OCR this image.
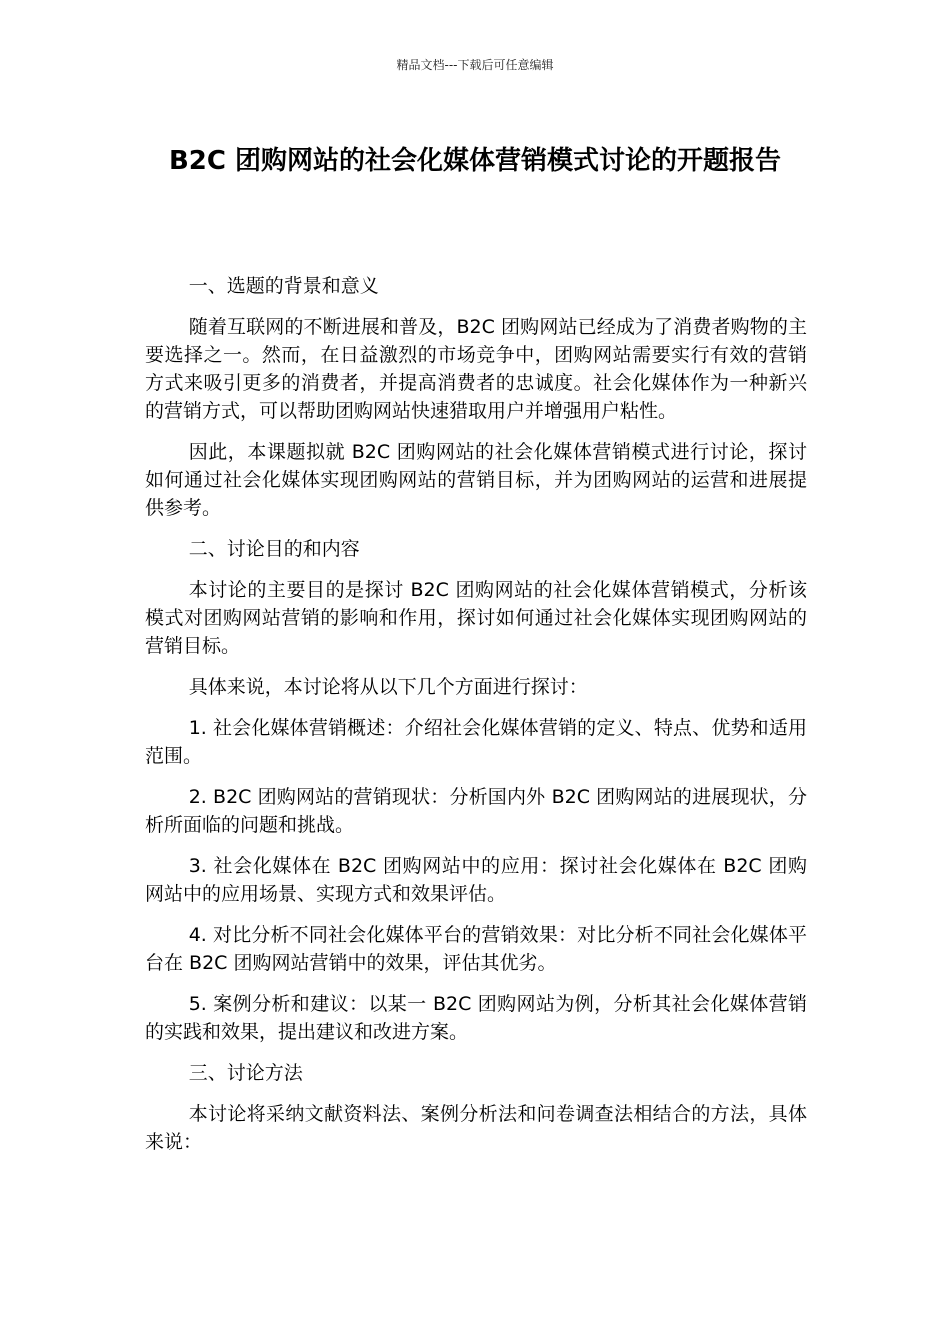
精品文档---下载后可任意编辑
B2C 团购网站的社会化媒体营销模式讨论的开题报告
一、选题的背景和意义
随着互联网的不断进展和普及，B2C 团购网站已经成为了消费者购物的主要选择之一。然而，在日益激烈的市场竞争中，团购网站需要实行有效的营销方式来吸引更多的消费者，并提高消费者的忠诚度。社会化媒体作为一种新兴的营销方式，可以帮助团购网站快速猎取用户并增强用户粘性。
因此，本课题拟就 B2C 团购网站的社会化媒体营销模式进行讨论，探讨如何通过社会化媒体实现团购网站的营销目标，并为团购网站的运营和进展提供参考。
二、讨论目的和内容
本讨论的主要目的是探讨 B2C 团购网站的社会化媒体营销模式，分析该模式对团购网站营销的影响和作用，探讨如何通过社会化媒体实现团购网站的营销目标。
具体来说，本讨论将从以下几个方面进行探讨：
1. 社会化媒体营销概述：介绍社会化媒体营销的定义、特点、优势和适用范围。
2. B2C 团购网站的营销现状：分析国内外 B2C 团购网站的进展现状，分析所面临的问题和挑战。
3. 社会化媒体在 B2C 团购网站中的应用：探讨社会化媒体在 B2C 团购网站中的应用场景、实现方式和效果评估。
4. 对比分析不同社会化媒体平台的营销效果：对比分析不同社会化媒体平台在 B2C 团购网站营销中的效果，评估其优劣。
5. 案例分析和建议：以某一 B2C 团购网站为例，分析其社会化媒体营销的实践和效果，提出建议和改进方案。
三、讨论方法
本讨论将采纳文献资料法、案例分析法和问卷调查法相结合的方法，具体来说：
